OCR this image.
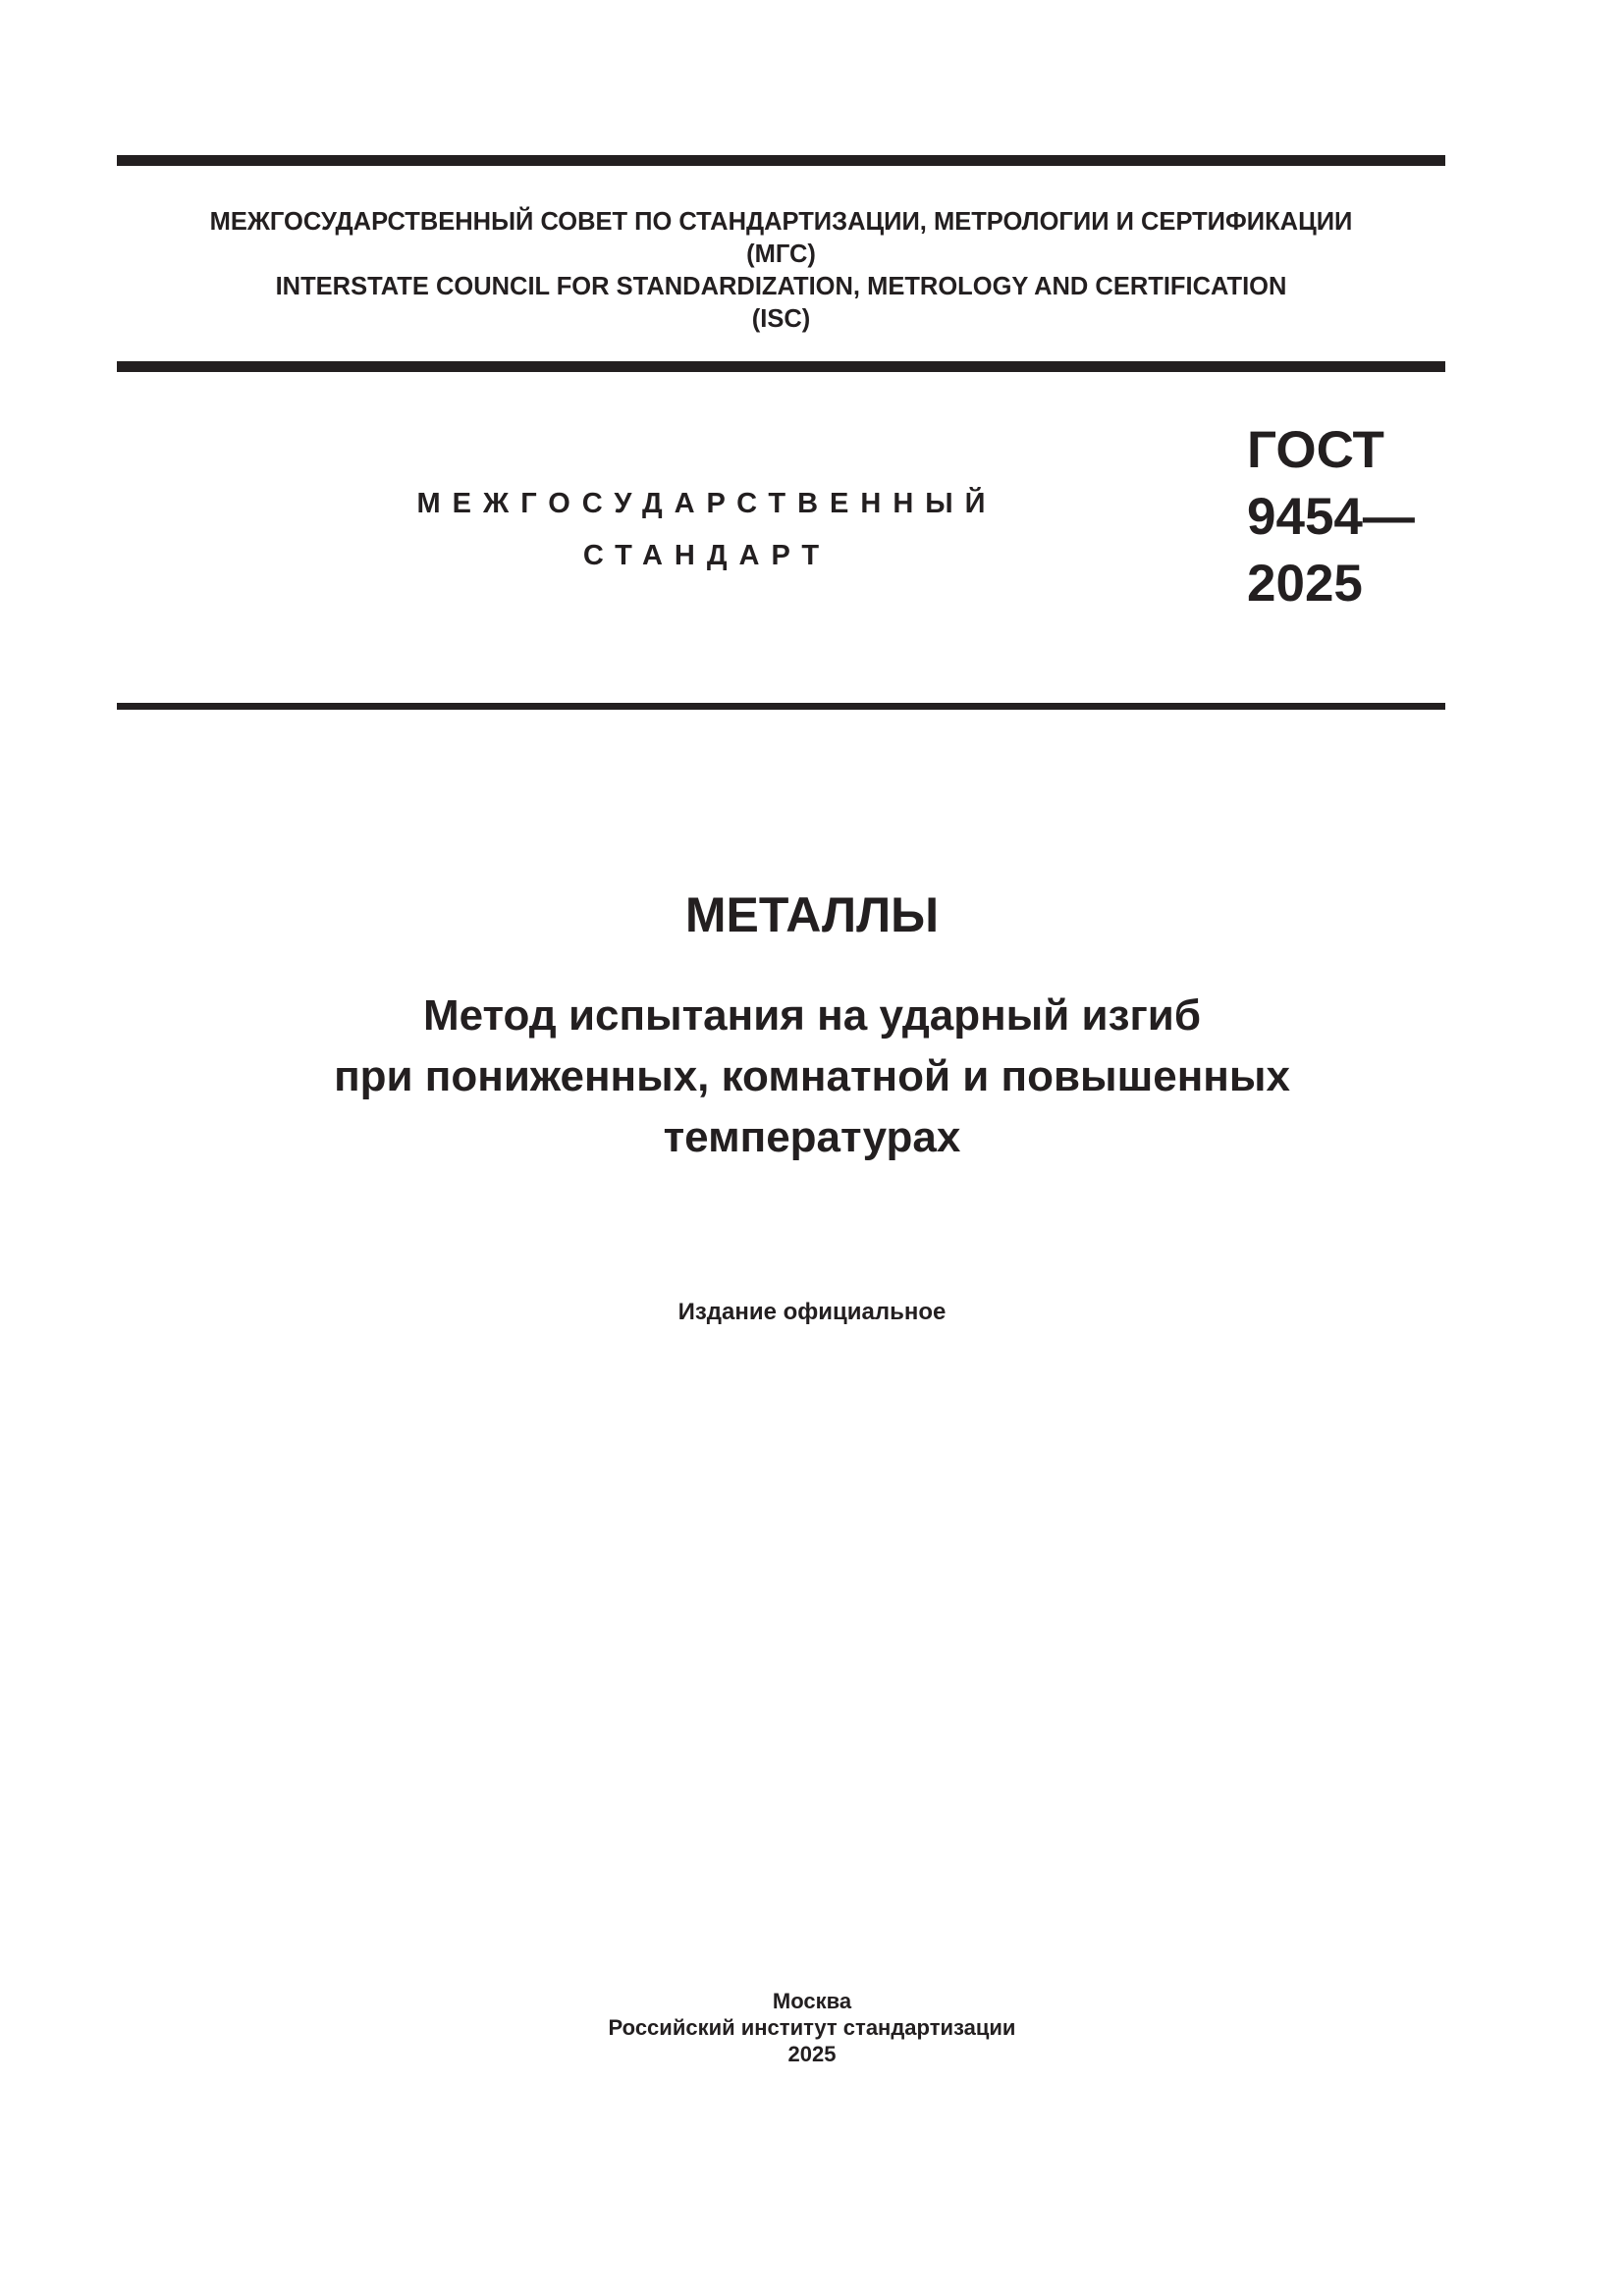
МЕЖГОСУДАРСТВЕННЫЙ СОВЕТ ПО СТАНДАРТИЗАЦИИ, МЕТРОЛОГИИ И СЕРТИФИКАЦИИ
(МГС)
INTERSTATE COUNCIL FOR STANDARDIZATION, METROLOGY AND CERTIFICATION
(ISC)
МЕЖГОСУДАРСТВЕННЫЙ
СТАНДАРТ
ГОСТ
9454—
2025
МЕТАЛЛЫ
Метод испытания на ударный изгиб
при пониженных, комнатной и повышенных
температурах
Издание официальное
Москва
Российский институт стандартизации
2025
